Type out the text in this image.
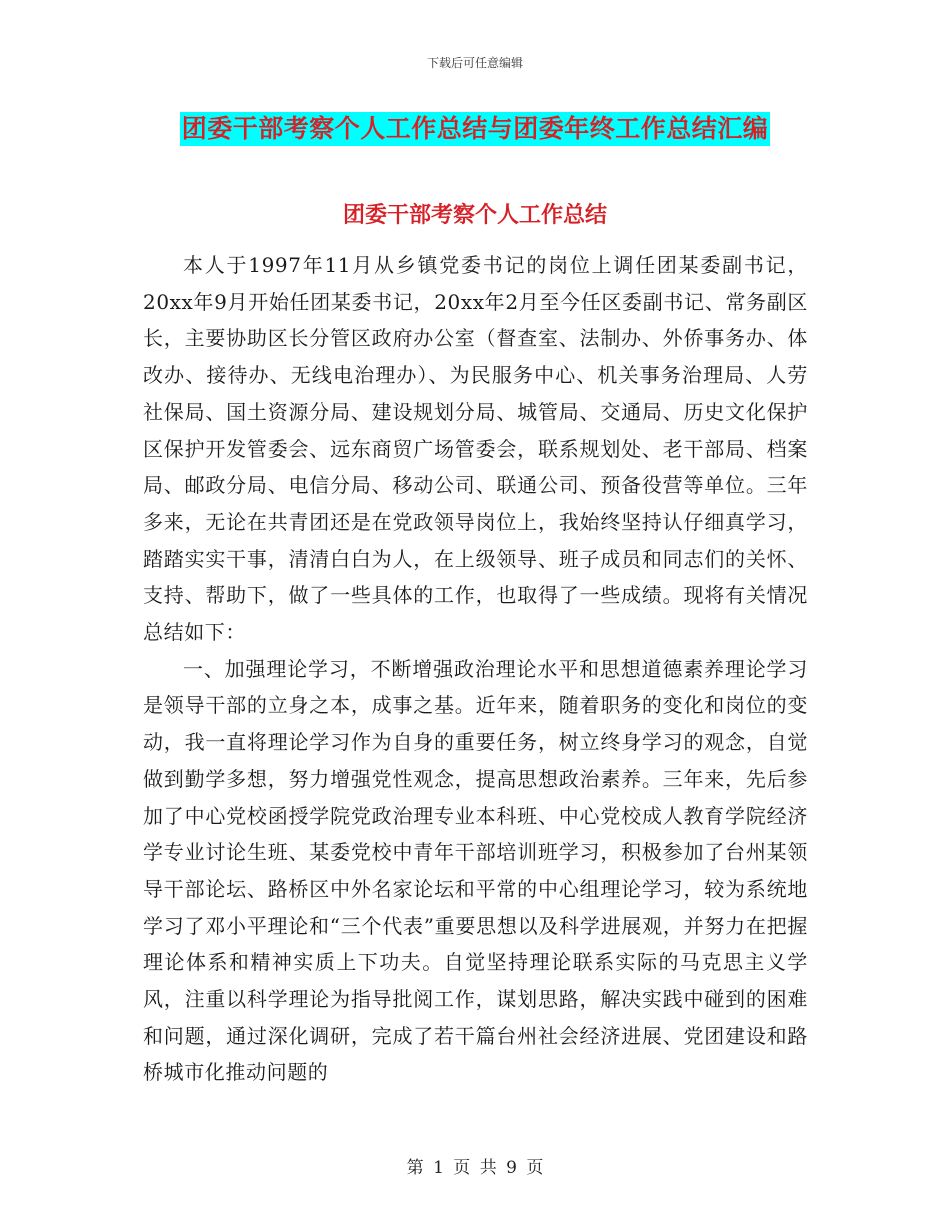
下载后可任意编辑
团委干部考察个人工作总结与团委年终工作总结汇编
团委干部考察个人工作总结

本人于1997年11月从乡镇党委书记的岗位上调任团某委副书记，20xx年9月开始任团某委书记，20xx年2月至今任区委副书记、常务副区长，主要协助区长分管区政府办公室（督查室、法制办、外侨事务办、体改办、接待办、无线电治理办）、为民服务中心、机关事务治理局、人劳社保局、国土资源分局、建设规划分局、城管局、交通局、历史文化保护区保护开发管委会、远东商贸广场管委会，联系规划处、老干部局、档案局、邮政分局、电信分局、移动公司、联通公司、预备役营等单位。三年多来，无论在共青团还是在党政领导岗位上，我始终坚持认仔细真学习，踏踏实实干事，清清白白为人，在上级领导、班子成员和同志们的关怀、支持、帮助下，做了一些具体的工作，也取得了一些成绩。现将有关情况总结如下：

一、加强理论学习，不断增强政治理论水平和思想道德素养理论学习是领导干部的立身之本，成事之基。近年来，随着职务的变化和岗位的变动，我一直将理论学习作为自身的重要任务，树立终身学习的观念，自觉做到勤学多想，努力增强党性观念，提高思想政治素养。三年来，先后参加了中心党校函授学院党政治理专业本科班、中心党校成人教育学院经济学专业讨论生班、某委党校中青年干部培训班学习，积极参加了台州某领导干部论坛、路桥区中外名家论坛和平常的中心组理论学习，较为系统地学习了邓小平理论和“三个代表”重要思想以及科学进展观，并努力在把握理论体系和精神实质上下功夫。自觉坚持理论联系实际的马克思主义学风，注重以科学理论为指导批阅工作，谋划思路，解决实践中碰到的困难和问题，通过深化调研，完成了若干篇台州社会经济进展、党团建设和路桥城市化推动问题的

第 1 页 共 9 页
